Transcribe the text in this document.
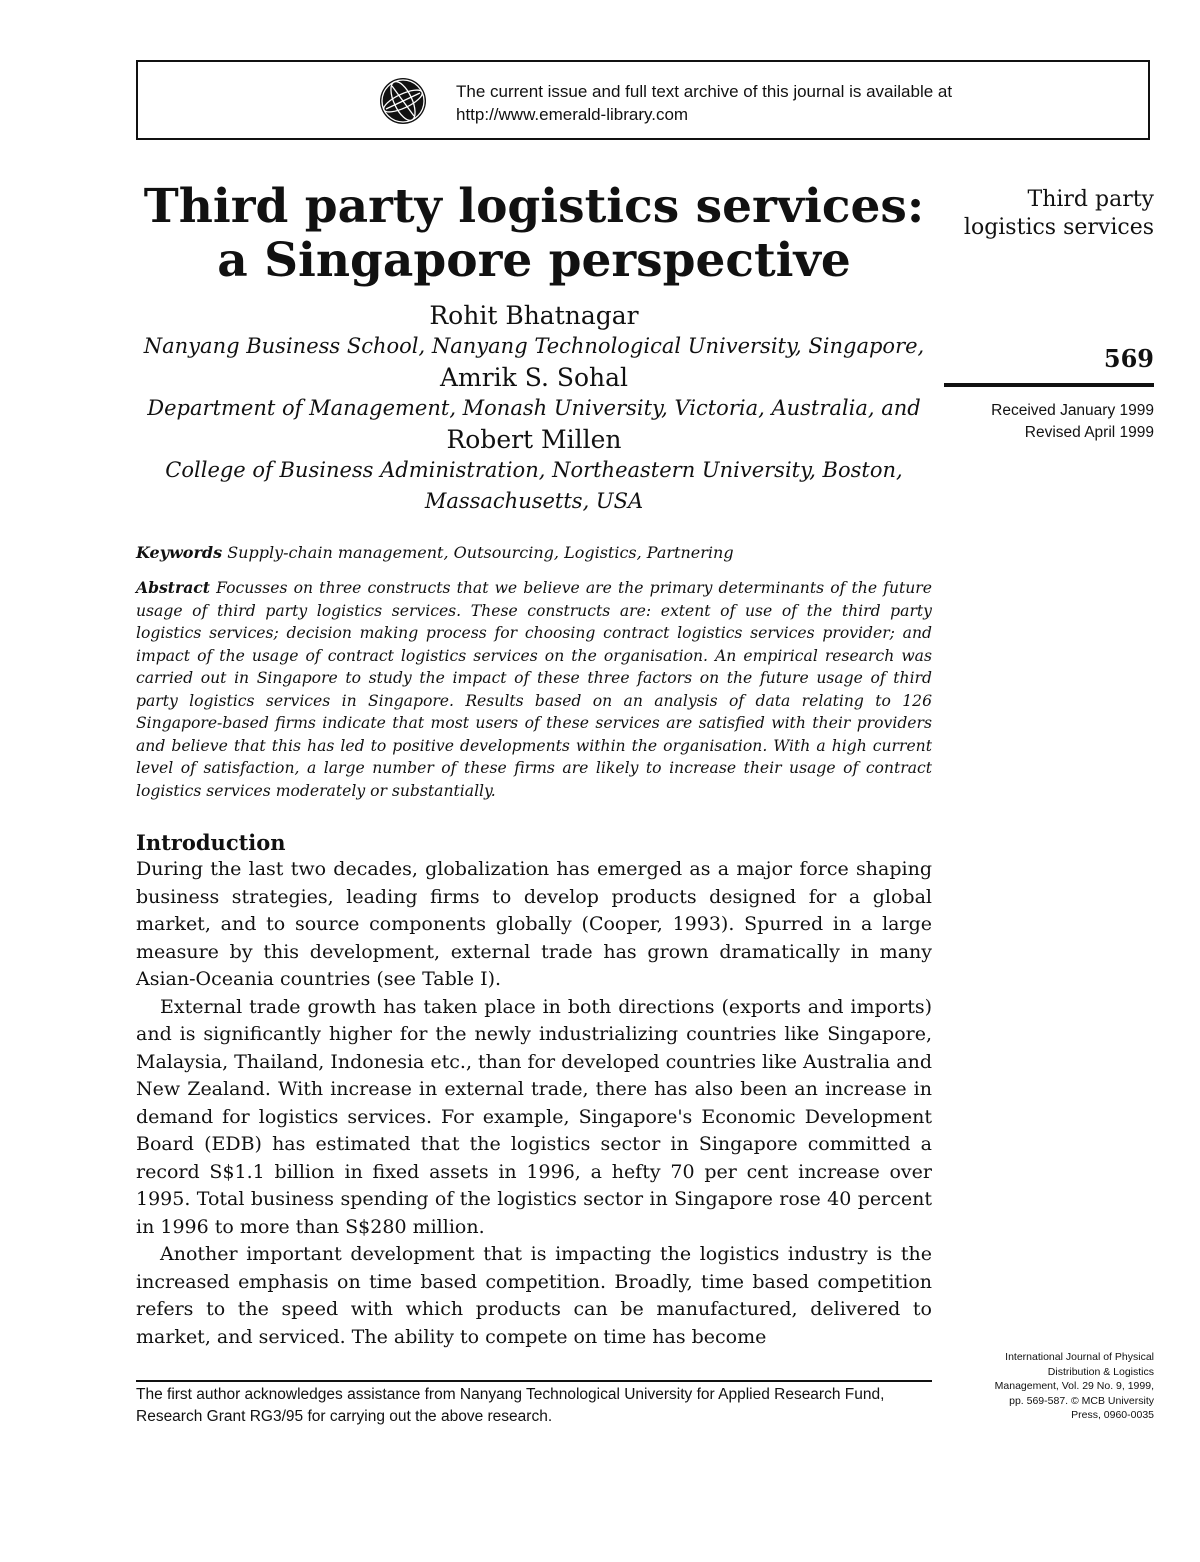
The current issue and full text archive of this journal is available at
http://www.emerald-library.com
Third party logistics services:
a Singapore perspective
Rohit Bhatnagar
Nanyang Business School, Nanyang Technological University, Singapore,
Amrik S. Sohal
Department of Management, Monash University, Victoria, Australia, and
Robert Millen
College of Business Administration, Northeastern University, Boston, Massachusetts, USA
Keywords Supply-chain management, Outsourcing, Logistics, Partnering
Abstract Focusses on three constructs that we believe are the primary determinants of the future usage of third party logistics services. These constructs are: extent of use of the third party logistics services; decision making process for choosing contract logistics services provider; and impact of the usage of contract logistics services on the organisation. An empirical research was carried out in Singapore to study the impact of these three factors on the future usage of third party logistics services in Singapore. Results based on an analysis of data relating to 126 Singapore-based firms indicate that most users of these services are satisfied with their providers and believe that this has led to positive developments within the organisation. With a high current level of satisfaction, a large number of these firms are likely to increase their usage of contract logistics services moderately or substantially.
Introduction

During the last two decades, globalization has emerged as a major force shaping business strategies, leading firms to develop products designed for a global market, and to source components globally (Cooper, 1993). Spurred in a large measure by this development, external trade has grown dramatically in many Asian-Oceania countries (see Table I).

External trade growth has taken place in both directions (exports and imports) and is significantly higher for the newly industrializing countries like Singapore, Malaysia, Thailand, Indonesia etc., than for developed countries like Australia and New Zealand. With increase in external trade, there has also been an increase in demand for logistics services. For example, Singapore's Economic Development Board (EDB) has estimated that the logistics sector in Singapore committed a record S$1.1 billion in fixed assets in 1996, a hefty 70 per cent increase over 1995. Total business spending of the logistics sector in Singapore rose 40 percent in 1996 to more than S$280 million.

Another important development that is impacting the logistics industry is the increased emphasis on time based competition. Broadly, time based competition refers to the speed with which products can be manufactured, delivered to market, and serviced. The ability to compete on time has become

The first author acknowledges assistance from Nanyang Technological University for Applied Research Fund, Research Grant RG3/95 for carrying out the above research.
Third party
logistics services
569
Received January 1999
Revised April 1999
International Journal of Physical
Distribution & Logistics
Management, Vol. 29 No. 9, 1999,
pp. 569-587. © MCB University
Press, 0960-0035
